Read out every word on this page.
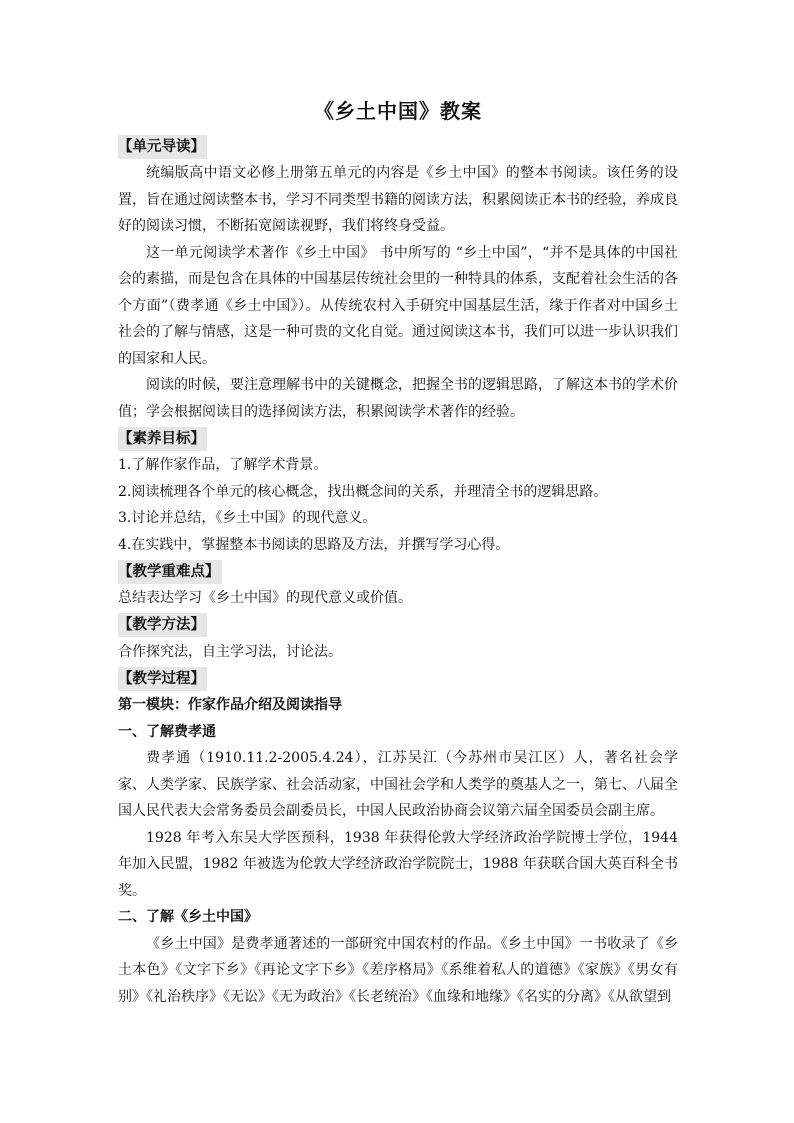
《乡土中国》教案
【单元导读】

统编版高中语文必修上册第五单元的内容是《乡土中国》的整本书阅读。该任务的设置，旨在通过阅读整本书，学习不同类型书籍的阅读方法，积累阅读正本书的经验，养成良好的阅读习惯，不断拓宽阅读视野，我们将终身受益。

这一单元阅读学术著作《乡土中国》 书中所写的 “乡土中国”，“并不是具体的中国社会的素描，而是包含在具体的中国基层传统社会里的一种特具的体系，支配着社会生活的各个方面”（费孝通《乡土中国》）。从传统农村入手研究中国基层生活，缘于作者对中国乡土社会的了解与情感，这是一种可贵的文化自觉。通过阅读这本书，我们可以进一步认识我们的国家和人民。

阅读的时候，要注意理解书中的关键概念，把握全书的逻辑思路，了解这本书的学术价值；学会根据阅读目的选择阅读方法，积累阅读学术著作的经验。

【素养目标】

1.了解作家作品，了解学术背景。

2.阅读梳理各个单元的核心概念，找出概念间的关系，并理清全书的逻辑思路。

3.讨论并总结，《乡土中国》的现代意义。

4.在实践中，掌握整本书阅读的思路及方法，并撰写学习心得。

【教学重难点】

总结表达学习《乡土中国》的现代意义或价值。

【教学方法】

合作探究法，自主学习法，讨论法。

【教学过程】

第一模块：作家作品介绍及阅读指导

一、了解费孝通

费孝通（1910.11.2-2005.4.24），江苏吴江（今苏州市吴江区）人，著名社会学家、人类学家、民族学家、社会活动家，中国社会学和人类学的奠基人之一，第七、八届全国人民代表大会常务委员会副委员长，中国人民政治协商会议第六届全国委员会副主席。

1928 年考入东吴大学医预科，1938 年获得伦敦大学经济政治学院博士学位，1944 年加入民盟，1982 年被选为伦敦大学经济政治学院院士，1988 年获联合国大英百科全书奖。

二、了解《乡土中国》

《乡土中国》是费孝通著述的一部研究中国农村的作品。《乡土中国》一书收录了《乡土本色》《文字下乡》《再论文字下乡》《差序格局》《系维着私人的道德》《家族》《男女有别》《礼治秩序》《无讼》《无为政治》《长老统治》《血缘和地缘》《名实的分离》《从欲望到
